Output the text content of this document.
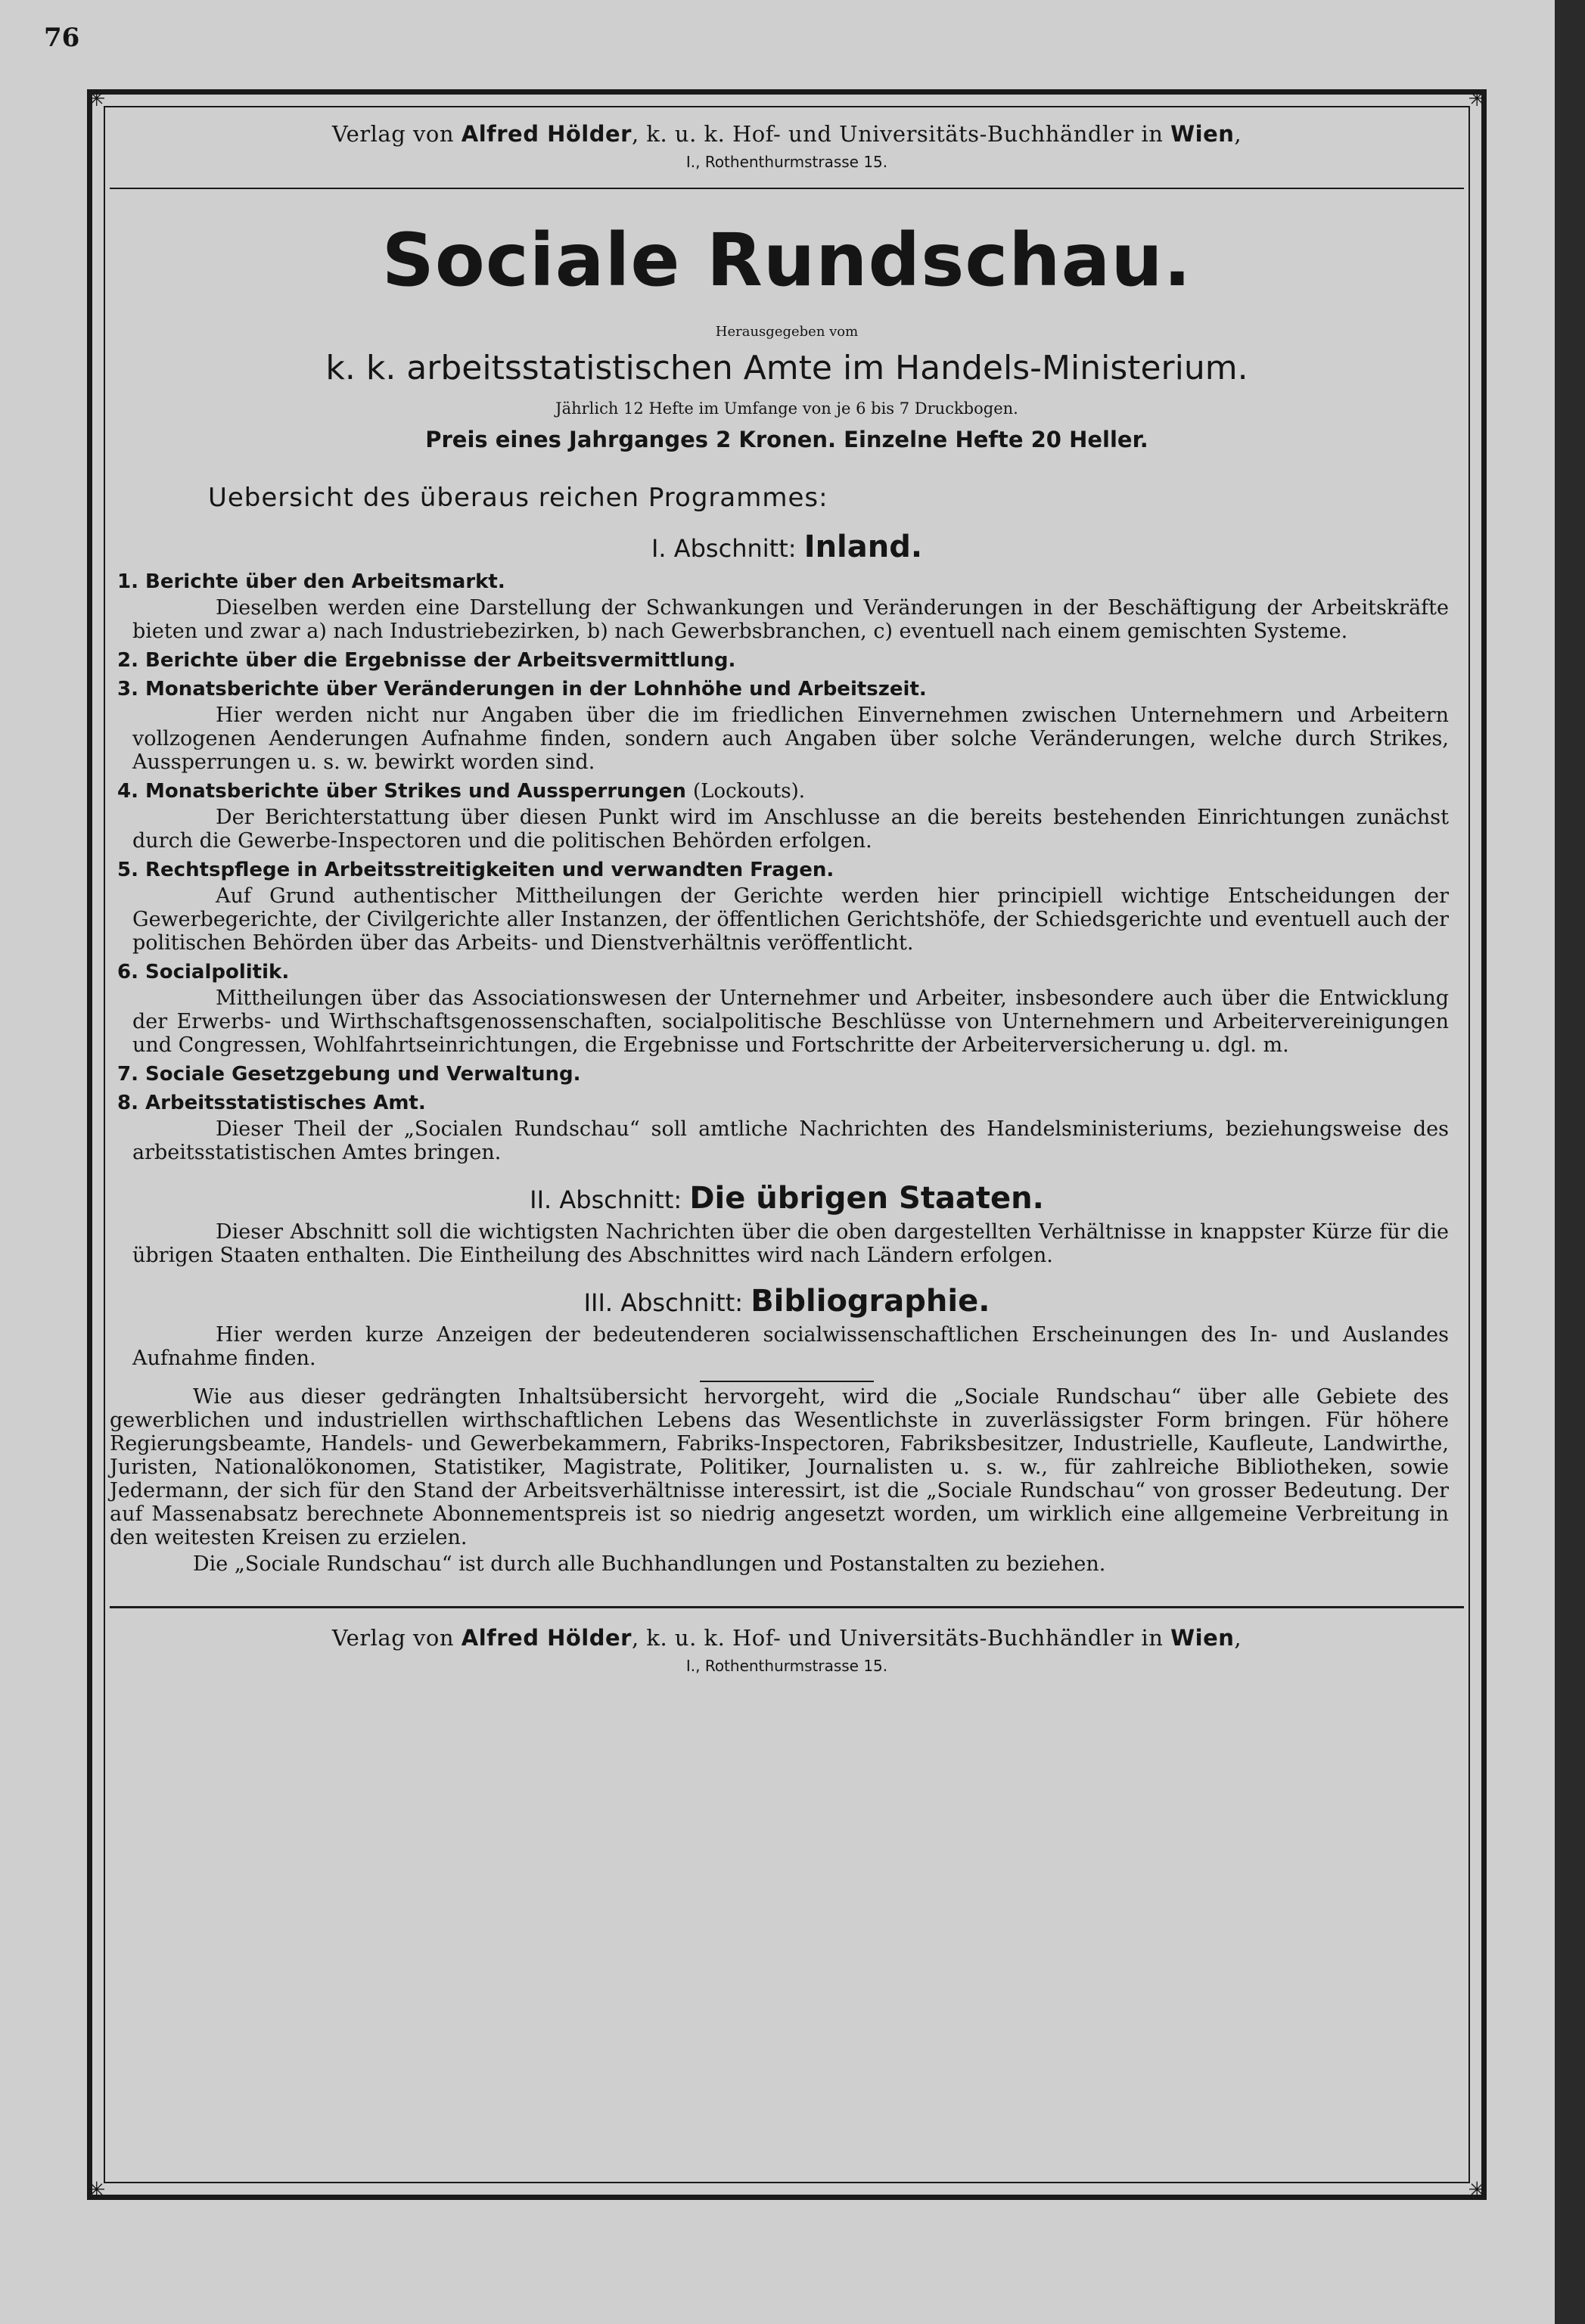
76
✳	✳
✳	✳

Verlag von Alfred Hölder, k. u. k. Hof- und Universitäts-Buchhändler in Wien,

I., Rothenthurmstrasse 15.

Sociale Rundschau.

Herausgegeben vom

k. k. arbeitsstatistischen Amte im Handels-Ministerium.

Jährlich 12 Hefte im Umfange von je 6 bis 7 Druckbogen.

Preis eines Jahrganges 2 Kronen. Einzelne Hefte 20 Heller.

Uebersicht des überaus reichen Programmes:

I. Abschnitt: Inland.
1. Berichte über den Arbeitsmarkt.

Dieselben werden eine Darstellung der Schwankungen und Veränderungen in der Beschäftigung der Arbeitskräfte bieten und zwar a) nach Industriebezirken, b) nach Gewerbsbranchen, c) eventuell nach einem gemischten Systeme.

2. Berichte über die Ergebnisse der Arbeitsvermittlung.
3. Monatsberichte über Veränderungen in der Lohnhöhe und Arbeitszeit.

Hier werden nicht nur Angaben über die im friedlichen Einvernehmen zwischen Unternehmern und Arbeitern vollzogenen Aenderungen Aufnahme finden, sondern auch Angaben über solche Veränderungen, welche durch Strikes, Aussperrungen u. s. w. bewirkt worden sind.

4. Monatsberichte über Strikes und Aussperrungen (Lockouts).

Der Berichterstattung über diesen Punkt wird im Anschlusse an die bereits bestehenden Einrichtungen zunächst durch die Gewerbe-Inspectoren und die politischen Behörden erfolgen.

5. Rechtspflege in Arbeitsstreitigkeiten und verwandten Fragen.

Auf Grund authentischer Mittheilungen der Gerichte werden hier principiell wichtige Entscheidungen der Gewerbegerichte, der Civilgerichte aller Instanzen, der öffentlichen Gerichtshöfe, der Schiedsgerichte und eventuell auch der politischen Behörden über das Arbeits- und Dienstverhältnis veröffentlicht.

6. Socialpolitik.

Mittheilungen über das Associationswesen der Unternehmer und Arbeiter, insbesondere auch über die Entwicklung der Erwerbs- und Wirthschaftsgenossenschaften, socialpolitische Beschlüsse von Unternehmern und Arbeitervereinigungen und Congressen, Wohlfahrtseinrichtungen, die Ergebnisse und Fortschritte der Arbeiterversicherung u. dgl. m.

7. Sociale Gesetzgebung und Verwaltung.
8. Arbeitsstatistisches Amt.

Dieser Theil der „Socialen Rundschau“ soll amtliche Nachrichten des Handelsministeriums, beziehungsweise des arbeitsstatistischen Amtes bringen.

II. Abschnitt: Die übrigen Staaten.

Dieser Abschnitt soll die wichtigsten Nachrichten über die oben dargestellten Verhältnisse in knappster Kürze für die übrigen Staaten enthalten. Die Eintheilung des Abschnittes wird nach Ländern erfolgen.

III. Abschnitt: Bibliographie.

Hier werden kurze Anzeigen der bedeutenderen socialwissenschaftlichen Erscheinungen des In- und Auslandes Aufnahme finden.

Wie aus dieser gedrängten Inhaltsübersicht hervorgeht, wird die „Sociale Rundschau“ über alle Gebiete des gewerblichen und industriellen wirthschaftlichen Lebens das Wesentlichste in zuverlässigster Form bringen. Für höhere Regierungsbeamte, Handels- und Gewerbekammern, Fabriks-Inspectoren, Fabriksbesitzer, Industrielle, Kaufleute, Landwirthe, Juristen, Nationalökonomen, Statistiker, Magistrate, Politiker, Journalisten u. s. w., für zahlreiche Bibliotheken, sowie Jedermann, der sich für den Stand der Arbeitsverhältnisse interessirt, ist die „Sociale Rundschau“ von grosser Bedeutung. Der auf Massenabsatz berechnete Abonnementspreis ist so niedrig angesetzt worden, um wirklich eine allgemeine Verbreitung in den weitesten Kreisen zu erzielen.

Die „Sociale Rundschau“ ist durch alle Buchhandlungen und Postanstalten zu beziehen.

Verlag von Alfred Hölder, k. u. k. Hof- und Universitäts-Buchhändler in Wien,

I., Rothenthurmstrasse 15.
